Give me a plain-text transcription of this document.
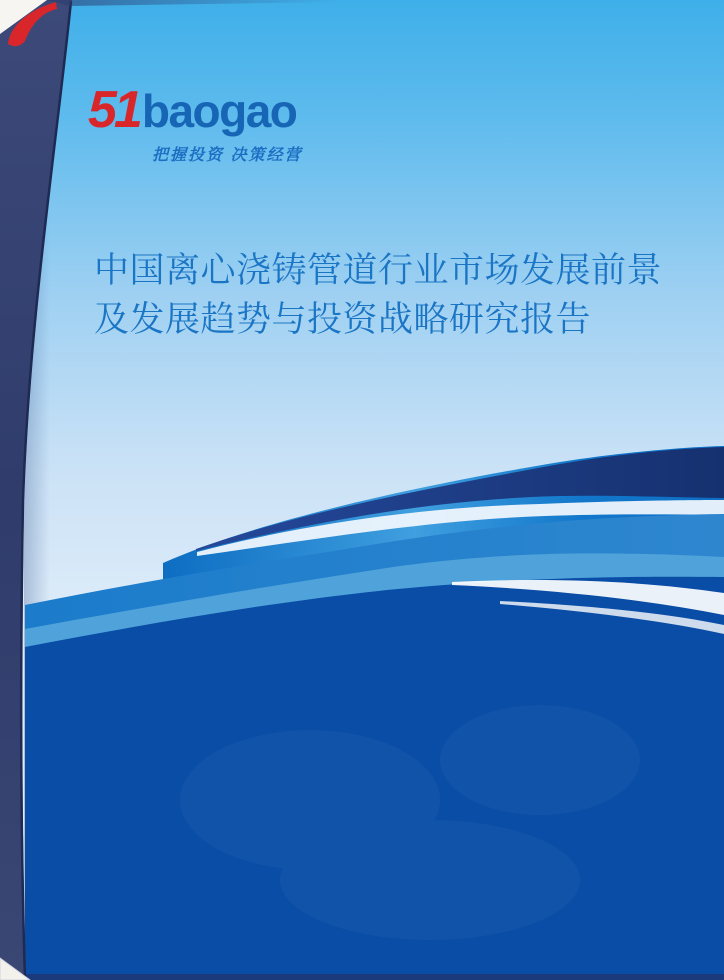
51baogao
把握投资 决策经营
中国离心浇铸管道行业市场发展前景
及发展趋势与投资战略研究报告
